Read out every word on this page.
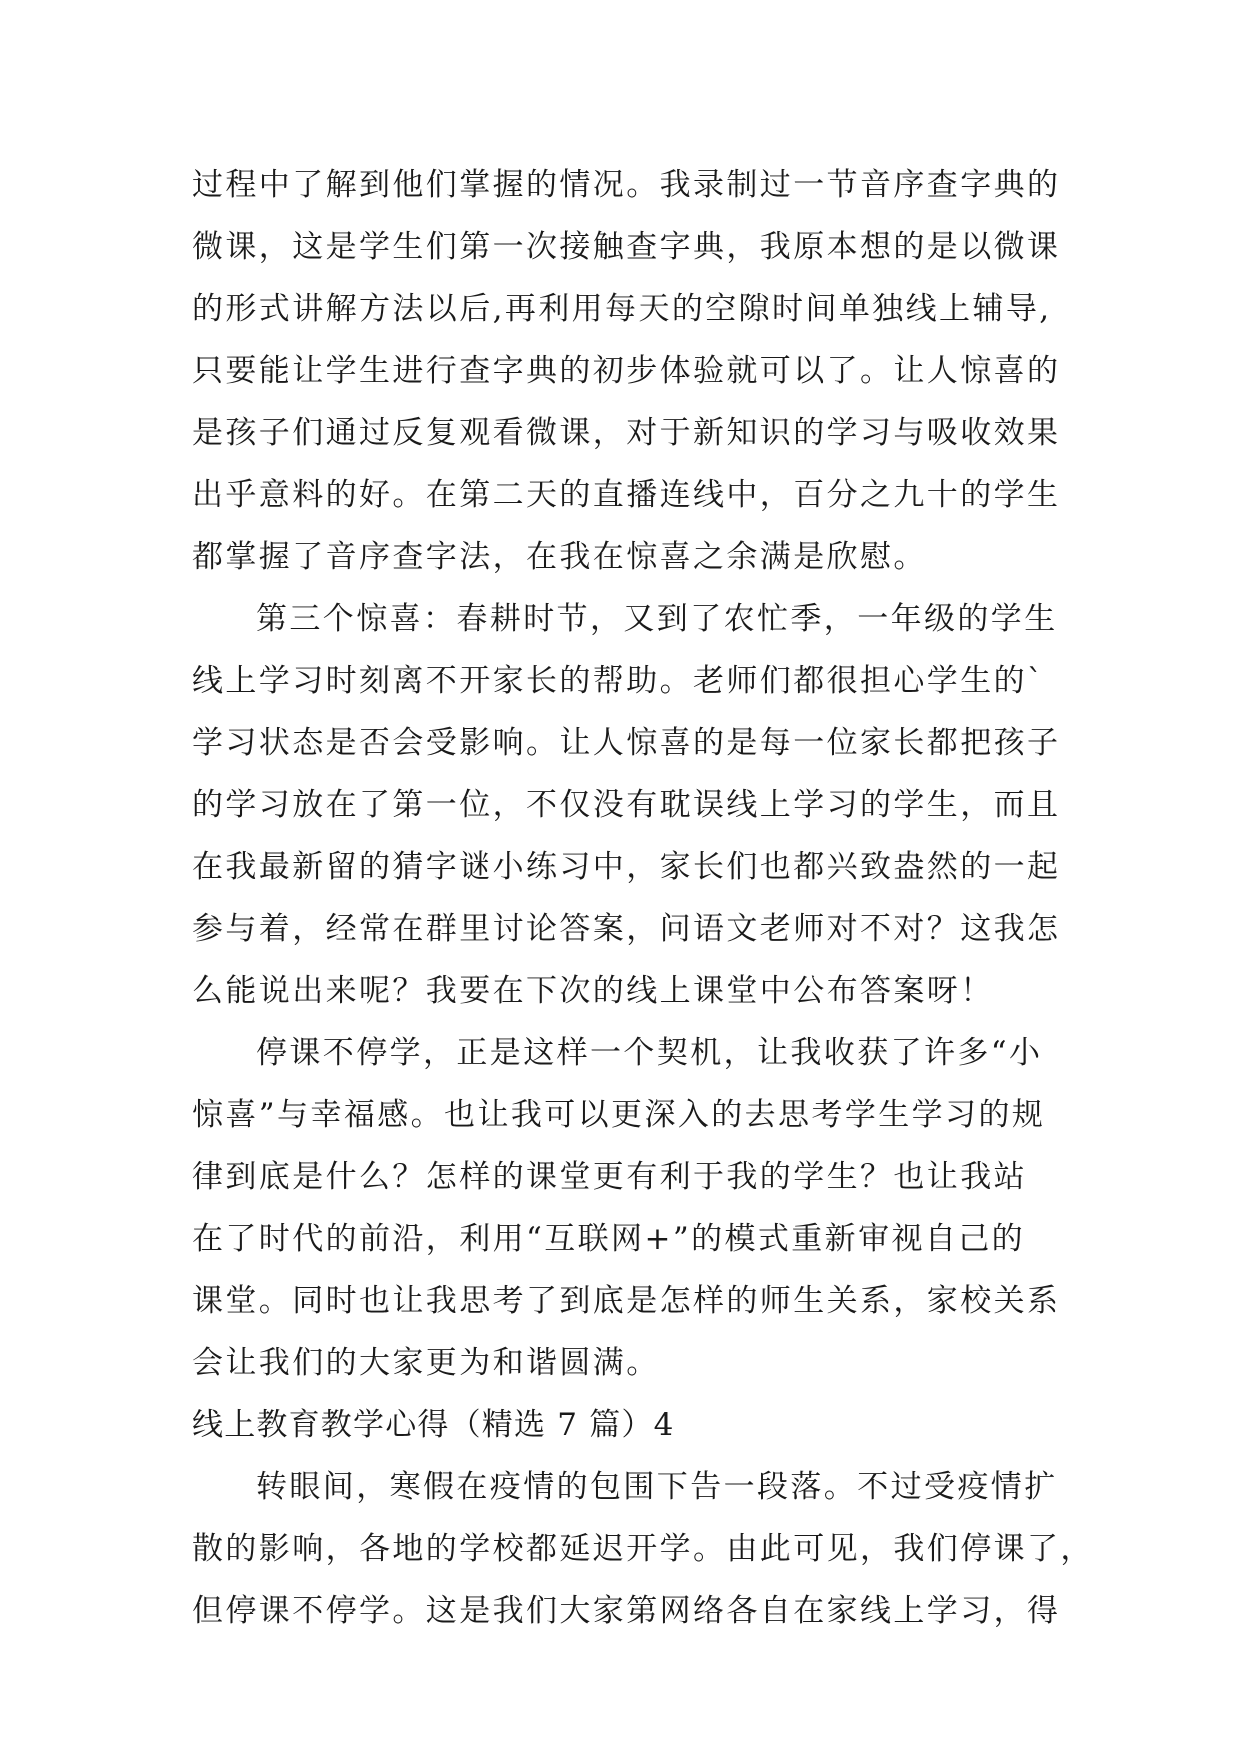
过程中了解到他们掌握的情况。我录制过一节音序查字典的
微课，这是学生们第一次接触查字典，我原本想的是以微课
的形式讲解方法以后,再利用每天的空隙时间单独线上辅导,
只要能让学生进行查字典的初步体验就可以了。让人惊喜的
是孩子们通过反复观看微课，对于新知识的学习与吸收效果
出乎意料的好。在第二天的直播连线中，百分之九十的学生
都掌握了音序查字法，在我在惊喜之余满是欣慰。
第三个惊喜：春耕时节，又到了农忙季，一年级的学生
线上学习时刻离不开家长的帮助。老师们都很担心学生的`
学习状态是否会受影响。让人惊喜的是每一位家长都把孩子
的学习放在了第一位，不仅没有耽误线上学习的学生，而且
在我最新留的猜字谜小练习中，家长们也都兴致盎然的一起
参与着，经常在群里讨论答案，问语文老师对不对？这我怎
么能说出来呢？我要在下次的线上课堂中公布答案呀！
停课不停学，正是这样一个契机，让我收获了许多“小
惊喜”与幸福感。也让我可以更深入的去思考学生学习的规
律到底是什么？怎样的课堂更有利于我的学生？也让我站
在了时代的前沿，利用“互联网+”的模式重新审视自己的
课堂。同时也让我思考了到底是怎样的师生关系，家校关系
会让我们的大家更为和谐圆满。
线上教育教学心得（精选 7 篇）4
转眼间，寒假在疫情的包围下告一段落。不过受疫情扩
散的影响，各地的学校都延迟开学。由此可见，我们停课了，
但停课不停学。这是我们大家第网络各自在家线上学习，得
